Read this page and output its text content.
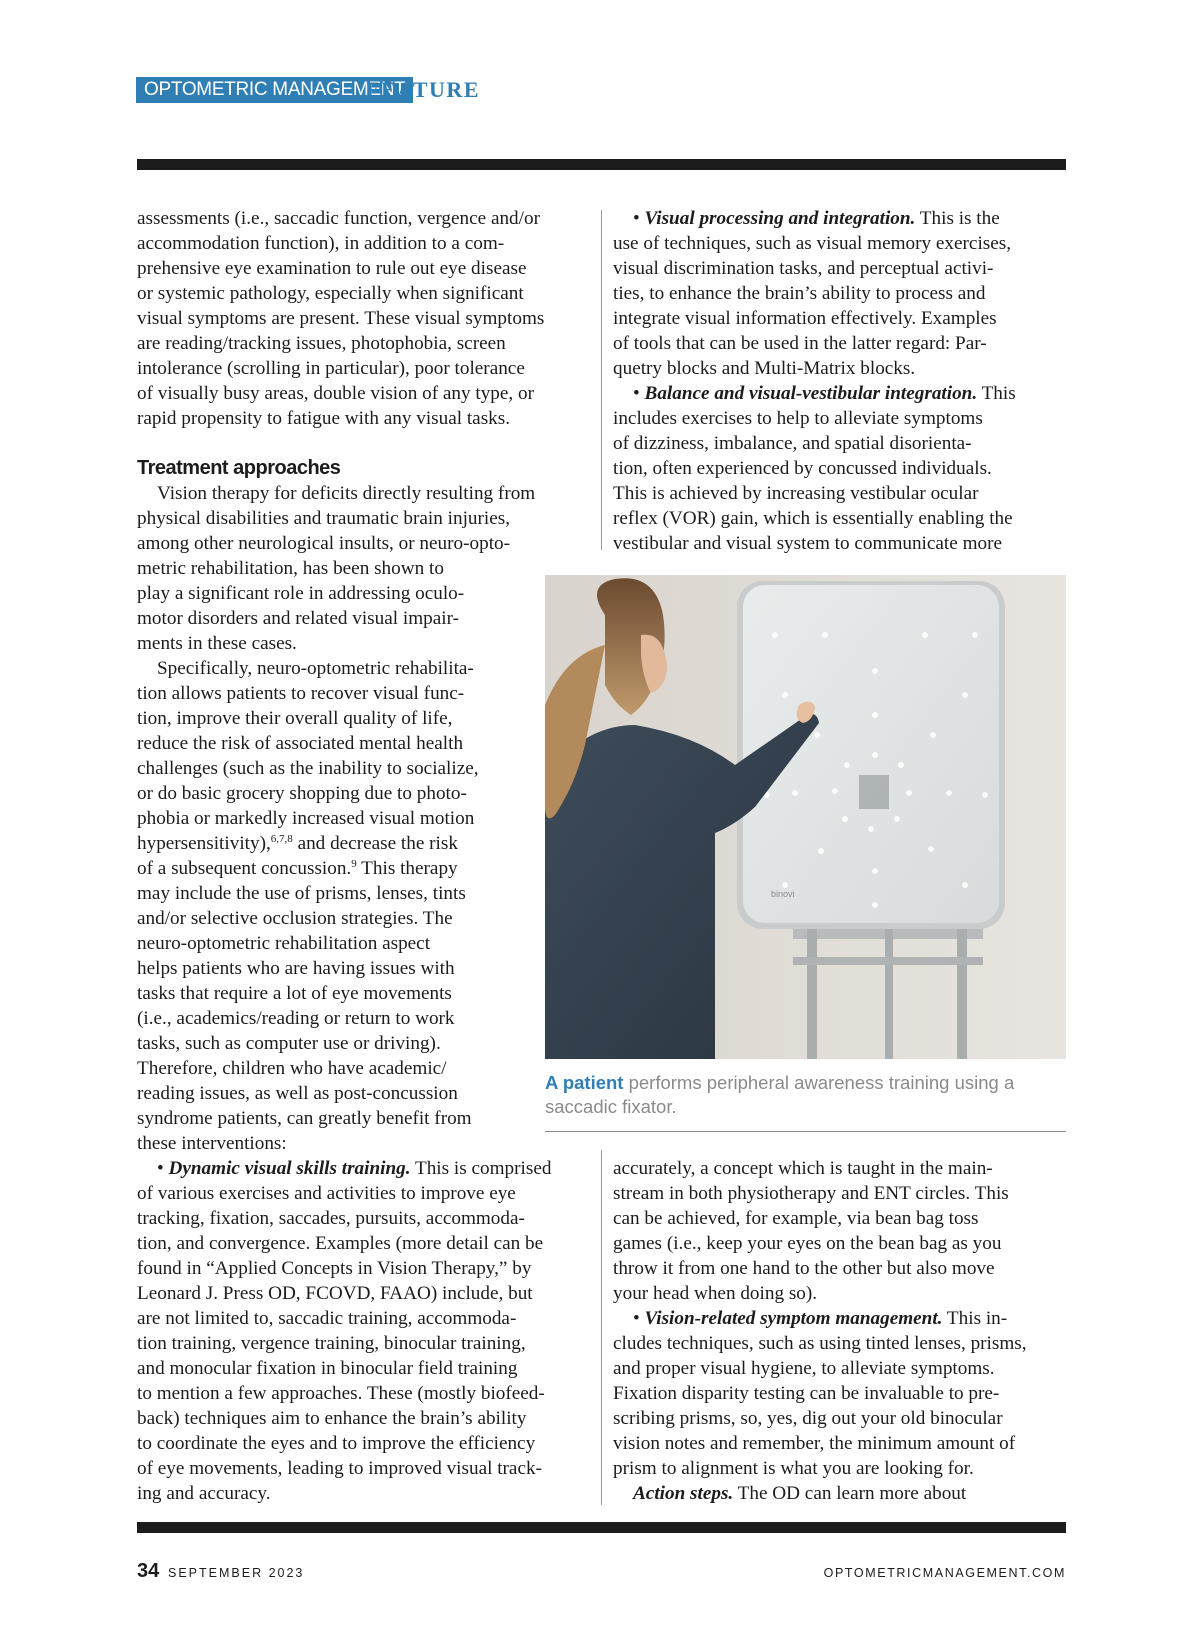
OPTOMETRIC MANAGEMENT
FEATURE

assessments (i.e., saccadic function, vergence and/or

accommodation function), in addition to a com-

prehensive eye examination to rule out eye disease

or systemic pathology, especially when significant

visual symptoms are present. These visual symptoms

are reading/tracking issues, photophobia, screen

intolerance (scrolling in particular), poor tolerance

of visually busy areas, double vision of any type, or

rapid propensity to fatigue with any visual tasks.

Treatment approaches

Vision therapy for deficits directly resulting from

physical disabilities and traumatic brain injuries,

among other neurological insults, or neuro-opto-

metric rehabilitation, has been shown to

play a significant role in addressing oculo-

motor disorders and related visual impair-

ments in these cases.

Specifically, neuro-optometric rehabilita-

tion allows patients to recover visual func-

tion, improve their overall quality of life,

reduce the risk of associated mental health

challenges (such as the inability to socialize,

or do basic grocery shopping due to photo-

phobia or markedly increased visual motion

hypersensitivity),$^{6,7,8}$ and decrease the risk

of a subsequent concussion.$^9$ This therapy

may include the use of prisms, lenses, tints

and/or selective occlusion strategies. The

neuro-optometric rehabilitation aspect

helps patients who are having issues with

tasks that require a lot of eye movements

(i.e., academics/reading or return to work

tasks, such as computer use or driving).

Therefore, children who have academic/

reading issues, as well as post-concussion

syndrome patients, can greatly benefit from

these interventions:

• Dynamic visual skills training. This is comprised

of various exercises and activities to improve eye

tracking, fixation, saccades, pursuits, accommoda-

tion, and convergence. Examples (more detail can be

found in “Applied Concepts in Vision Therapy,” by

Leonard J. Press OD, FCOVD, FAAO) include, but

are not limited to, saccadic training, accommoda-

tion training, vergence training, binocular training,

and monocular fixation in binocular field training

to mention a few approaches. These (mostly biofeed-

back) techniques aim to enhance the brain’s ability

to coordinate the eyes and to improve the efficiency

of eye movements, leading to improved visual track-

ing and accuracy.

• Visual processing and integration. This is the

use of techniques, such as visual memory exercises,

visual discrimination tasks, and perceptual activi-

ties, to enhance the brain’s ability to process and

integrate visual information effectively. Examples

of tools that can be used in the latter regard: Par-

quetry blocks and Multi-Matrix blocks.

• Balance and visual-vestibular integration. This

includes exercises to help to alleviate symptoms

of dizziness, imbalance, and spatial disorienta-

tion, often experienced by concussed individuals.

This is achieved by increasing vestibular ocular

reflex (VOR) gain, which is essentially enabling the

vestibular and visual system to communicate more

binovi
A patient performs peripheral awareness training using a saccadic fixator.

accurately, a concept which is taught in the main-

stream in both physiotherapy and ENT circles. This

can be achieved, for example, via bean bag toss

games (i.e., keep your eyes on the bean bag as you

throw it from one hand to the other but also move

your head when doing so).

• Vision-related symptom management. This in-

cludes techniques, such as using tinted lenses, prisms,

and proper visual hygiene, to alleviate symptoms.

Fixation disparity testing can be invaluable to pre-

scribing prisms, so, yes, dig out your old binocular

vision notes and remember, the minimum amount of

prism to alignment is what you are looking for.

Action steps. The OD can learn more about

34 SEPTEMBER 2023	OPTOMETRICMANAGEMENT.COM
